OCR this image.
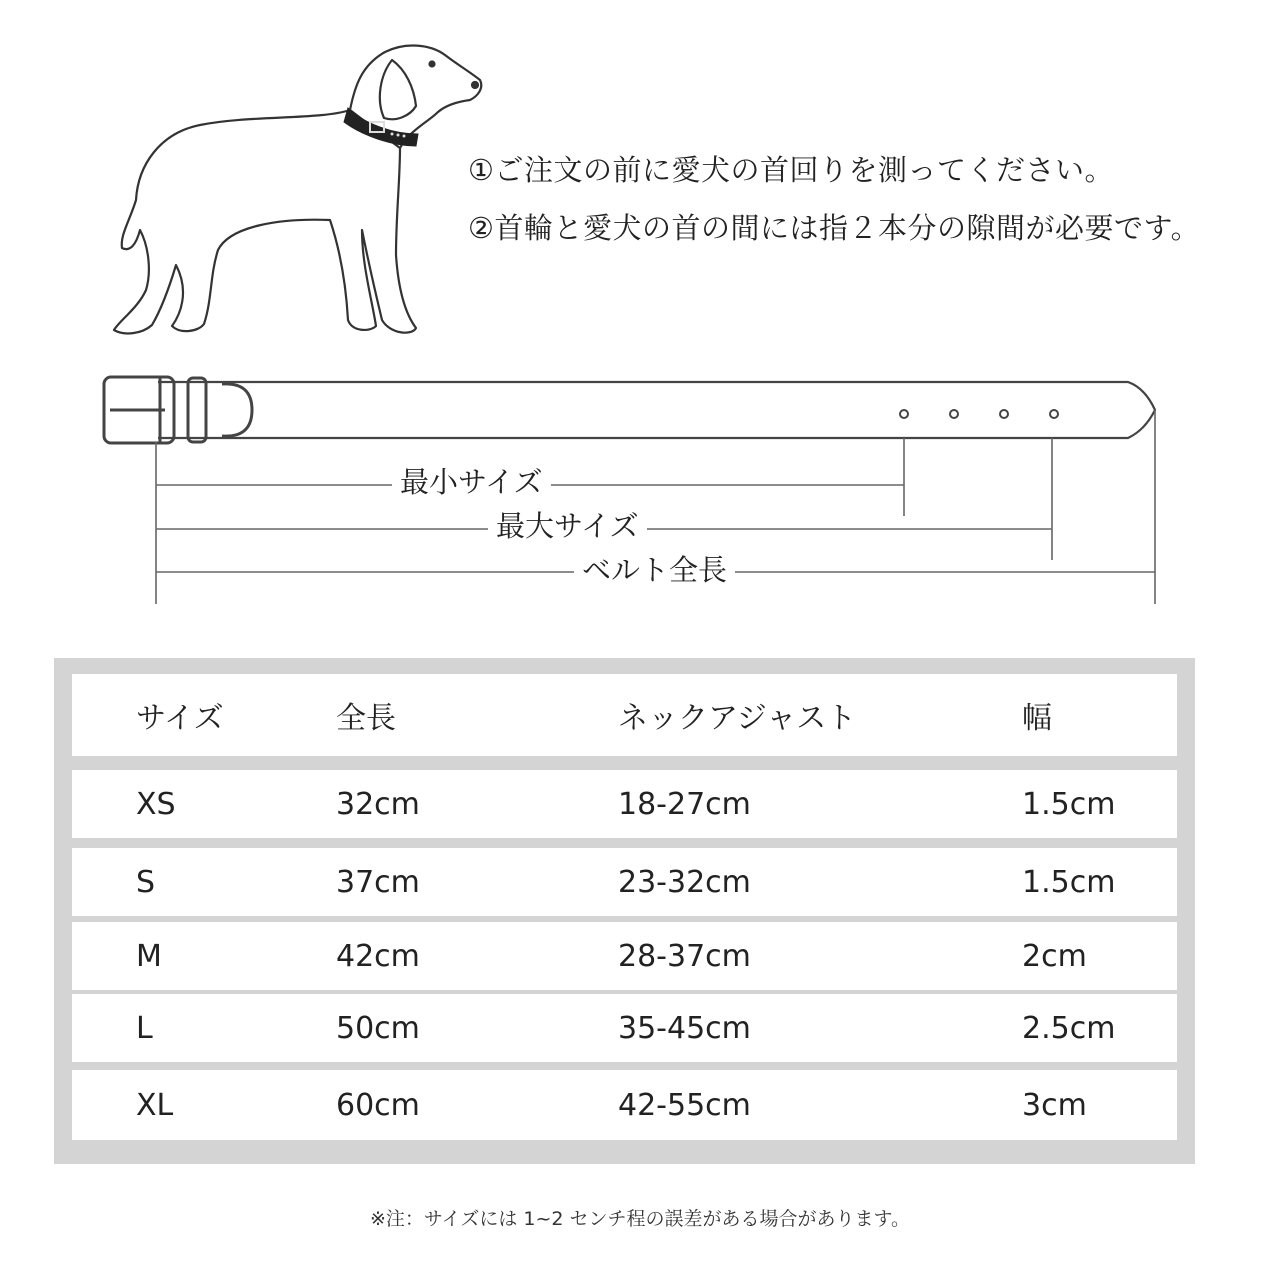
①ご注文の前に愛犬の首回りを測ってください。
②首輪と愛犬の首の間には指２本分の隙間が必要です。
最小サイズ
最大サイズ
ベルト全長
サイズ	全長	ネックアジャスト	幅
XS	32cm	18-27cm	1.5cm
S	37cm	23-32cm	1.5cm
M	42cm	28-37cm	2cm
L	50cm	35-45cm	2.5cm
XL	60cm	42-55cm	3cm
※注：サイズには 1~2 センチ程の誤差がある場合があります。
